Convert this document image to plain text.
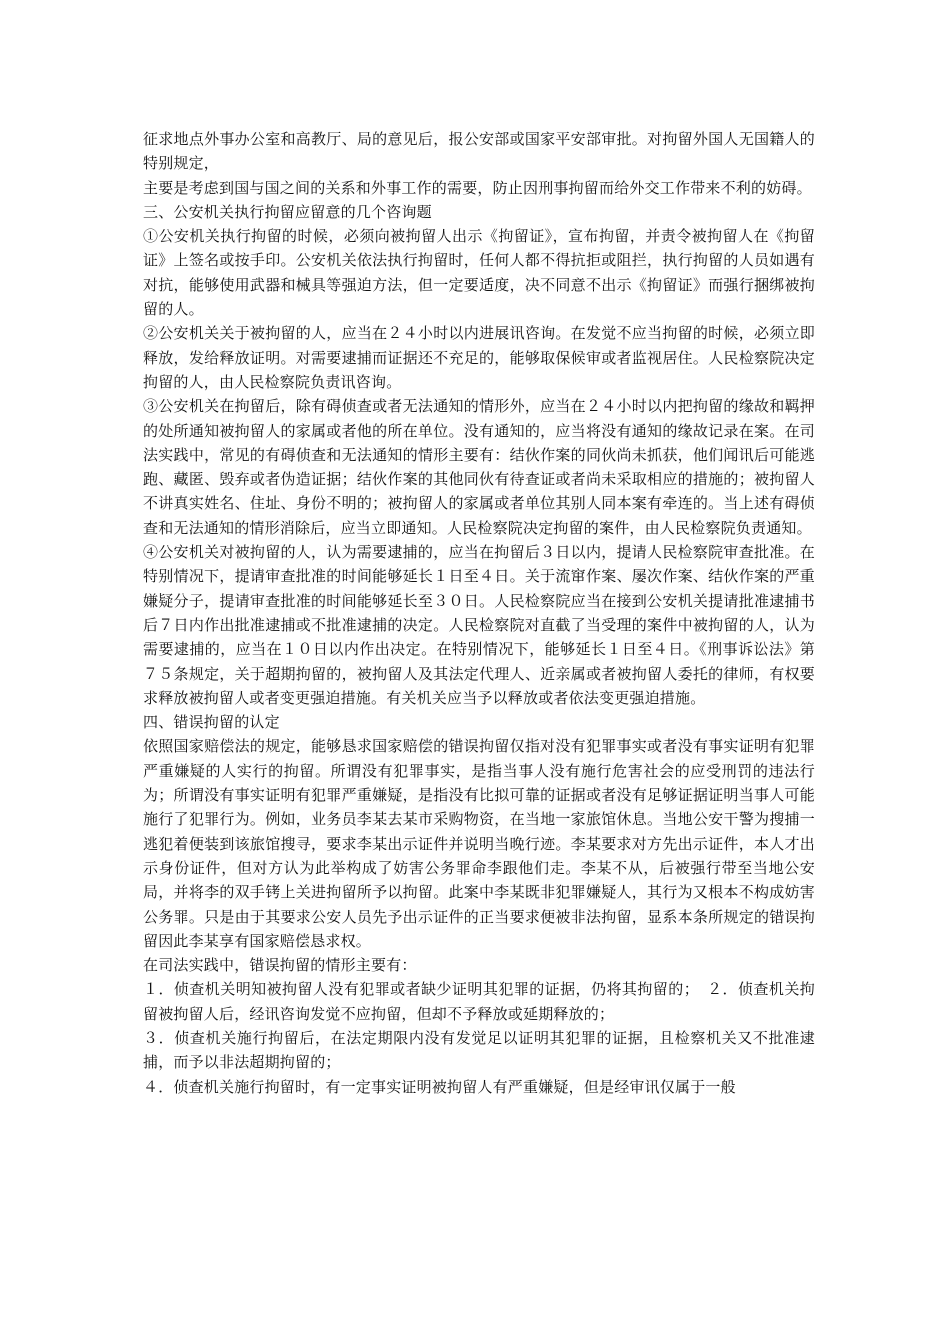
征求地点外事办公室和高教厅、局的意见后，报公安部或国家平安部审批。对拘留外国人无国籍人的特别规定，

主要是考虑到国与国之间的关系和外事工作的需要，防止因刑事拘留而给外交工作带来不利的妨碍。

三、公安机关执行拘留应留意的几个咨询题

①公安机关执行拘留的时候，必须向被拘留人出示《拘留证》，宣布拘留，并责令被拘留人在《拘留证》上签名或按手印。公安机关依法执行拘留时，任何人都不得抗拒或阻拦，执行拘留的人员如遇有对抗，能够使用武器和械具等强迫方法，但一定要适度，决不同意不出示《拘留证》而强行捆绑被拘留的人。

②公安机关关于被拘留的人，应当在２４小时以内进展讯咨询。在发觉不应当拘留的时候，必须立即释放，发给释放证明。对需要逮捕而证据还不充足的，能够取保候审或者监视居住。人民检察院决定拘留的人，由人民检察院负责讯咨询。

③公安机关在拘留后，除有碍侦查或者无法通知的情形外，应当在２４小时以内把拘留的缘故和羁押的处所通知被拘留人的家属或者他的所在单位。没有通知的，应当将没有通知的缘故记录在案。在司法实践中，常见的有碍侦查和无法通知的情形主要有：结伙作案的同伙尚未抓获，他们闻讯后可能逃跑、藏匿、毁弃或者伪造证据；结伙作案的其他同伙有待查证或者尚未采取相应的措施的；被拘留人不讲真实姓名、住址、身份不明的；被拘留人的家属或者单位其别人同本案有牵连的。当上述有碍侦查和无法通知的情形消除后，应当立即通知。人民检察院决定拘留的案件，由人民检察院负责通知。

④公安机关对被拘留的人，认为需要逮捕的，应当在拘留后３日以内，提请人民检察院审查批准。在特别情况下，提请审查批准的时间能够延长１日至４日。关于流窜作案、屡次作案、结伙作案的严重嫌疑分子，提请审查批准的时间能够延长至３０日。人民检察院应当在接到公安机关提请批准逮捕书后７日内作出批准逮捕或不批准逮捕的决定。人民检察院对直截了当受理的案件中被拘留的人，认为需要逮捕的，应当在１０日以内作出决定。在特别情况下，能够延长１日至４日。《刑事诉讼法》第７５条规定，关于超期拘留的，被拘留人及其法定代理人、近亲属或者被拘留人委托的律师，有权要求释放被拘留人或者变更强迫措施。有关机关应当予以释放或者依法变更强迫措施。

四、错误拘留的认定

依照国家赔偿法的规定，能够恳求国家赔偿的错误拘留仅指对没有犯罪事实或者没有事实证明有犯罪严重嫌疑的人实行的拘留。所谓没有犯罪事实，是指当事人没有施行危害社会的应受刑罚的违法行为；所谓没有事实证明有犯罪严重嫌疑，是指没有比拟可靠的证据或者没有足够证据证明当事人可能施行了犯罪行为。例如，业务员李某去某市采购物资，在当地一家旅馆休息。当地公安干警为搜捕一逃犯着便装到该旅馆搜寻，要求李某出示证件并说明当晚行迹。李某要求对方先出示证件，本人才出示身份证件，但对方认为此举构成了妨害公务罪命李跟他们走。李某不从，后被强行带至当地公安局，并将李的双手铐上关进拘留所予以拘留。此案中李某既非犯罪嫌疑人，其行为又根本不构成妨害公务罪。只是由于其要求公安人员先予出示证件的正当要求便被非法拘留，显系本条所规定的错误拘留因此李某享有国家赔偿恳求权。

在司法实践中，错误拘留的情形主要有：

１．侦查机关明知被拘留人没有犯罪或者缺少证明其犯罪的证据，仍将其拘留的；　２．侦查机关拘留被拘留人后，经讯咨询发觉不应拘留，但却不予释放或延期释放的；

３．侦查机关施行拘留后，在法定期限内没有发觉足以证明其犯罪的证据，且检察机关又不批准逮捕，而予以非法超期拘留的；

４．侦查机关施行拘留时，有一定事实证明被拘留人有严重嫌疑，但是经审讯仅属于一般
